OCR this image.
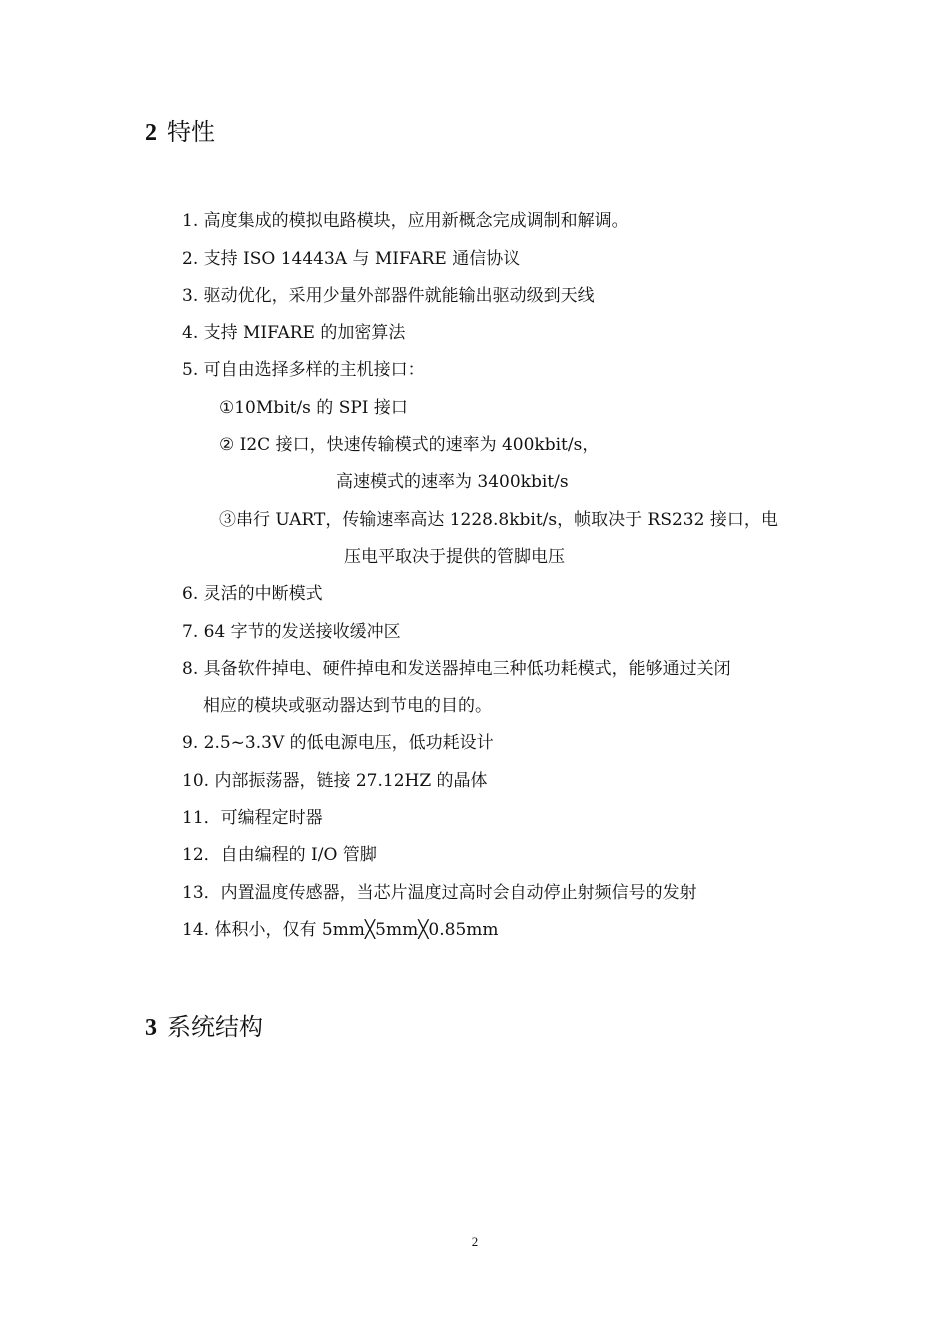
2 特性
1. 高度集成的模拟电路模块，应用新概念完成调制和解调。
2. 支持 ISO 14443A 与 MIFARE 通信协议
3. 驱动优化，采用少量外部器件就能输出驱动级到天线
4. 支持 MIFARE 的加密算法
5. 可自由选择多样的主机接口：
①10Mbit/s 的 SPI 接口
② I2C 接口，快速传输模式的速率为 400kbit/s，
高速模式的速率为 3400kbit/s
③串行 UART，传输速率高达 1228.8kbit/s，帧取决于 RS232 接口，电
压电平取决于提供的管脚电压
6. 灵活的中断模式
7. 64 字节的发送接收缓冲区
8. 具备软件掉电、硬件掉电和发送器掉电三种低功耗模式，能够通过关闭
相应的模块或驱动器达到节电的目的。
9. 2.5~3.3V 的低电源电压，低功耗设计
10. 内部振荡器，链接 27.12HZ 的晶体
11．可编程定时器
12．自由编程的 I/O 管脚
13．内置温度传感器，当芯片温度过高时会自动停止射频信号的发射
14. 体积小，仅有 5mm╳5mm╳0.85mm
3 系统结构
2
